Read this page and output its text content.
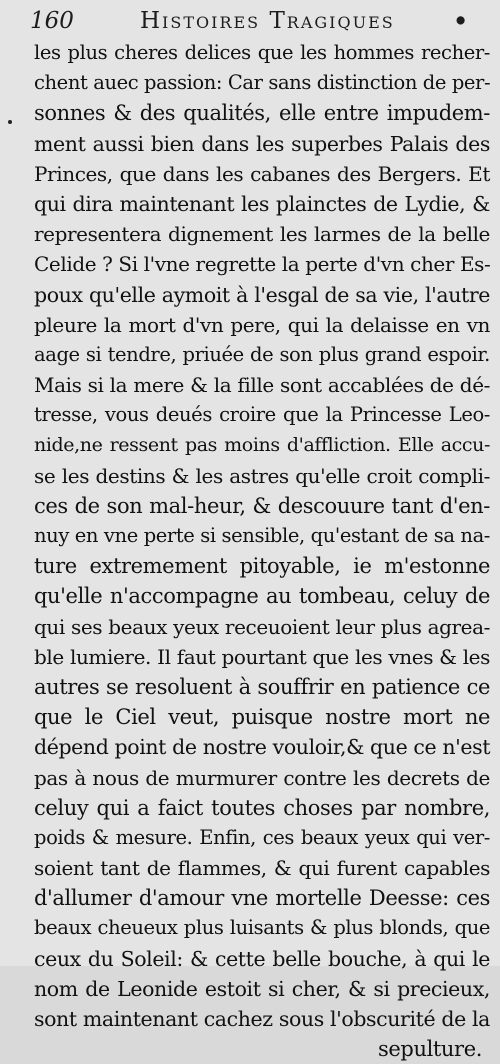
160	Histoires Tragiques	•
les plus cheres delices que les hommes recher-
chent auec passion: Car sans distinction de per-
sonnes & des qualités, elle entre impudem-
ment aussi bien dans les superbes Palais des
Princes, que dans les cabanes des Bergers. Et
qui dira maintenant les plainctes de Lydie, &
representera dignement les larmes de la belle
Celide ? Si l'vne regrette la perte d'vn cher Es-
poux qu'elle aymoit à l'esgal de sa vie, l'autre
pleure la mort d'vn pere, qui la delaisse en vn
aage si tendre, priuée de son plus grand espoir.
Mais si la mere & la fille sont accablées de dé-
tresse, vous deués croire que la Princesse Leo-
nide,ne ressent pas moins d'affliction. Elle accu-
se les destins & les astres qu'elle croit compli-
ces de son mal-heur, & descouure tant d'en-
nuy en vne perte si sensible, qu'estant de sa na-
ture extremement pitoyable, ie m'estonne
qu'elle n'accompagne au tombeau, celuy de
qui ses beaux yeux receuoient leur plus agrea-
ble lumiere. Il faut pourtant que les vnes & les
autres se resoluent à souffrir en patience ce
que le Ciel veut, puisque nostre mort ne
dépend point de nostre vouloir,& que ce n'est
pas à nous de murmurer contre les decrets de
celuy qui a faict toutes choses par nombre,
poids & mesure. Enfin, ces beaux yeux qui ver-
soient tant de flammes, & qui furent capables
d'allumer d'amour vne mortelle Deesse: ces
beaux cheueux plus luisants & plus blonds, que
ceux du Soleil: & cette belle bouche, à qui le
nom de Leonide estoit si cher, & si precieux,
sont maintenant cachez sous l'obscurité de la
sepulture.
